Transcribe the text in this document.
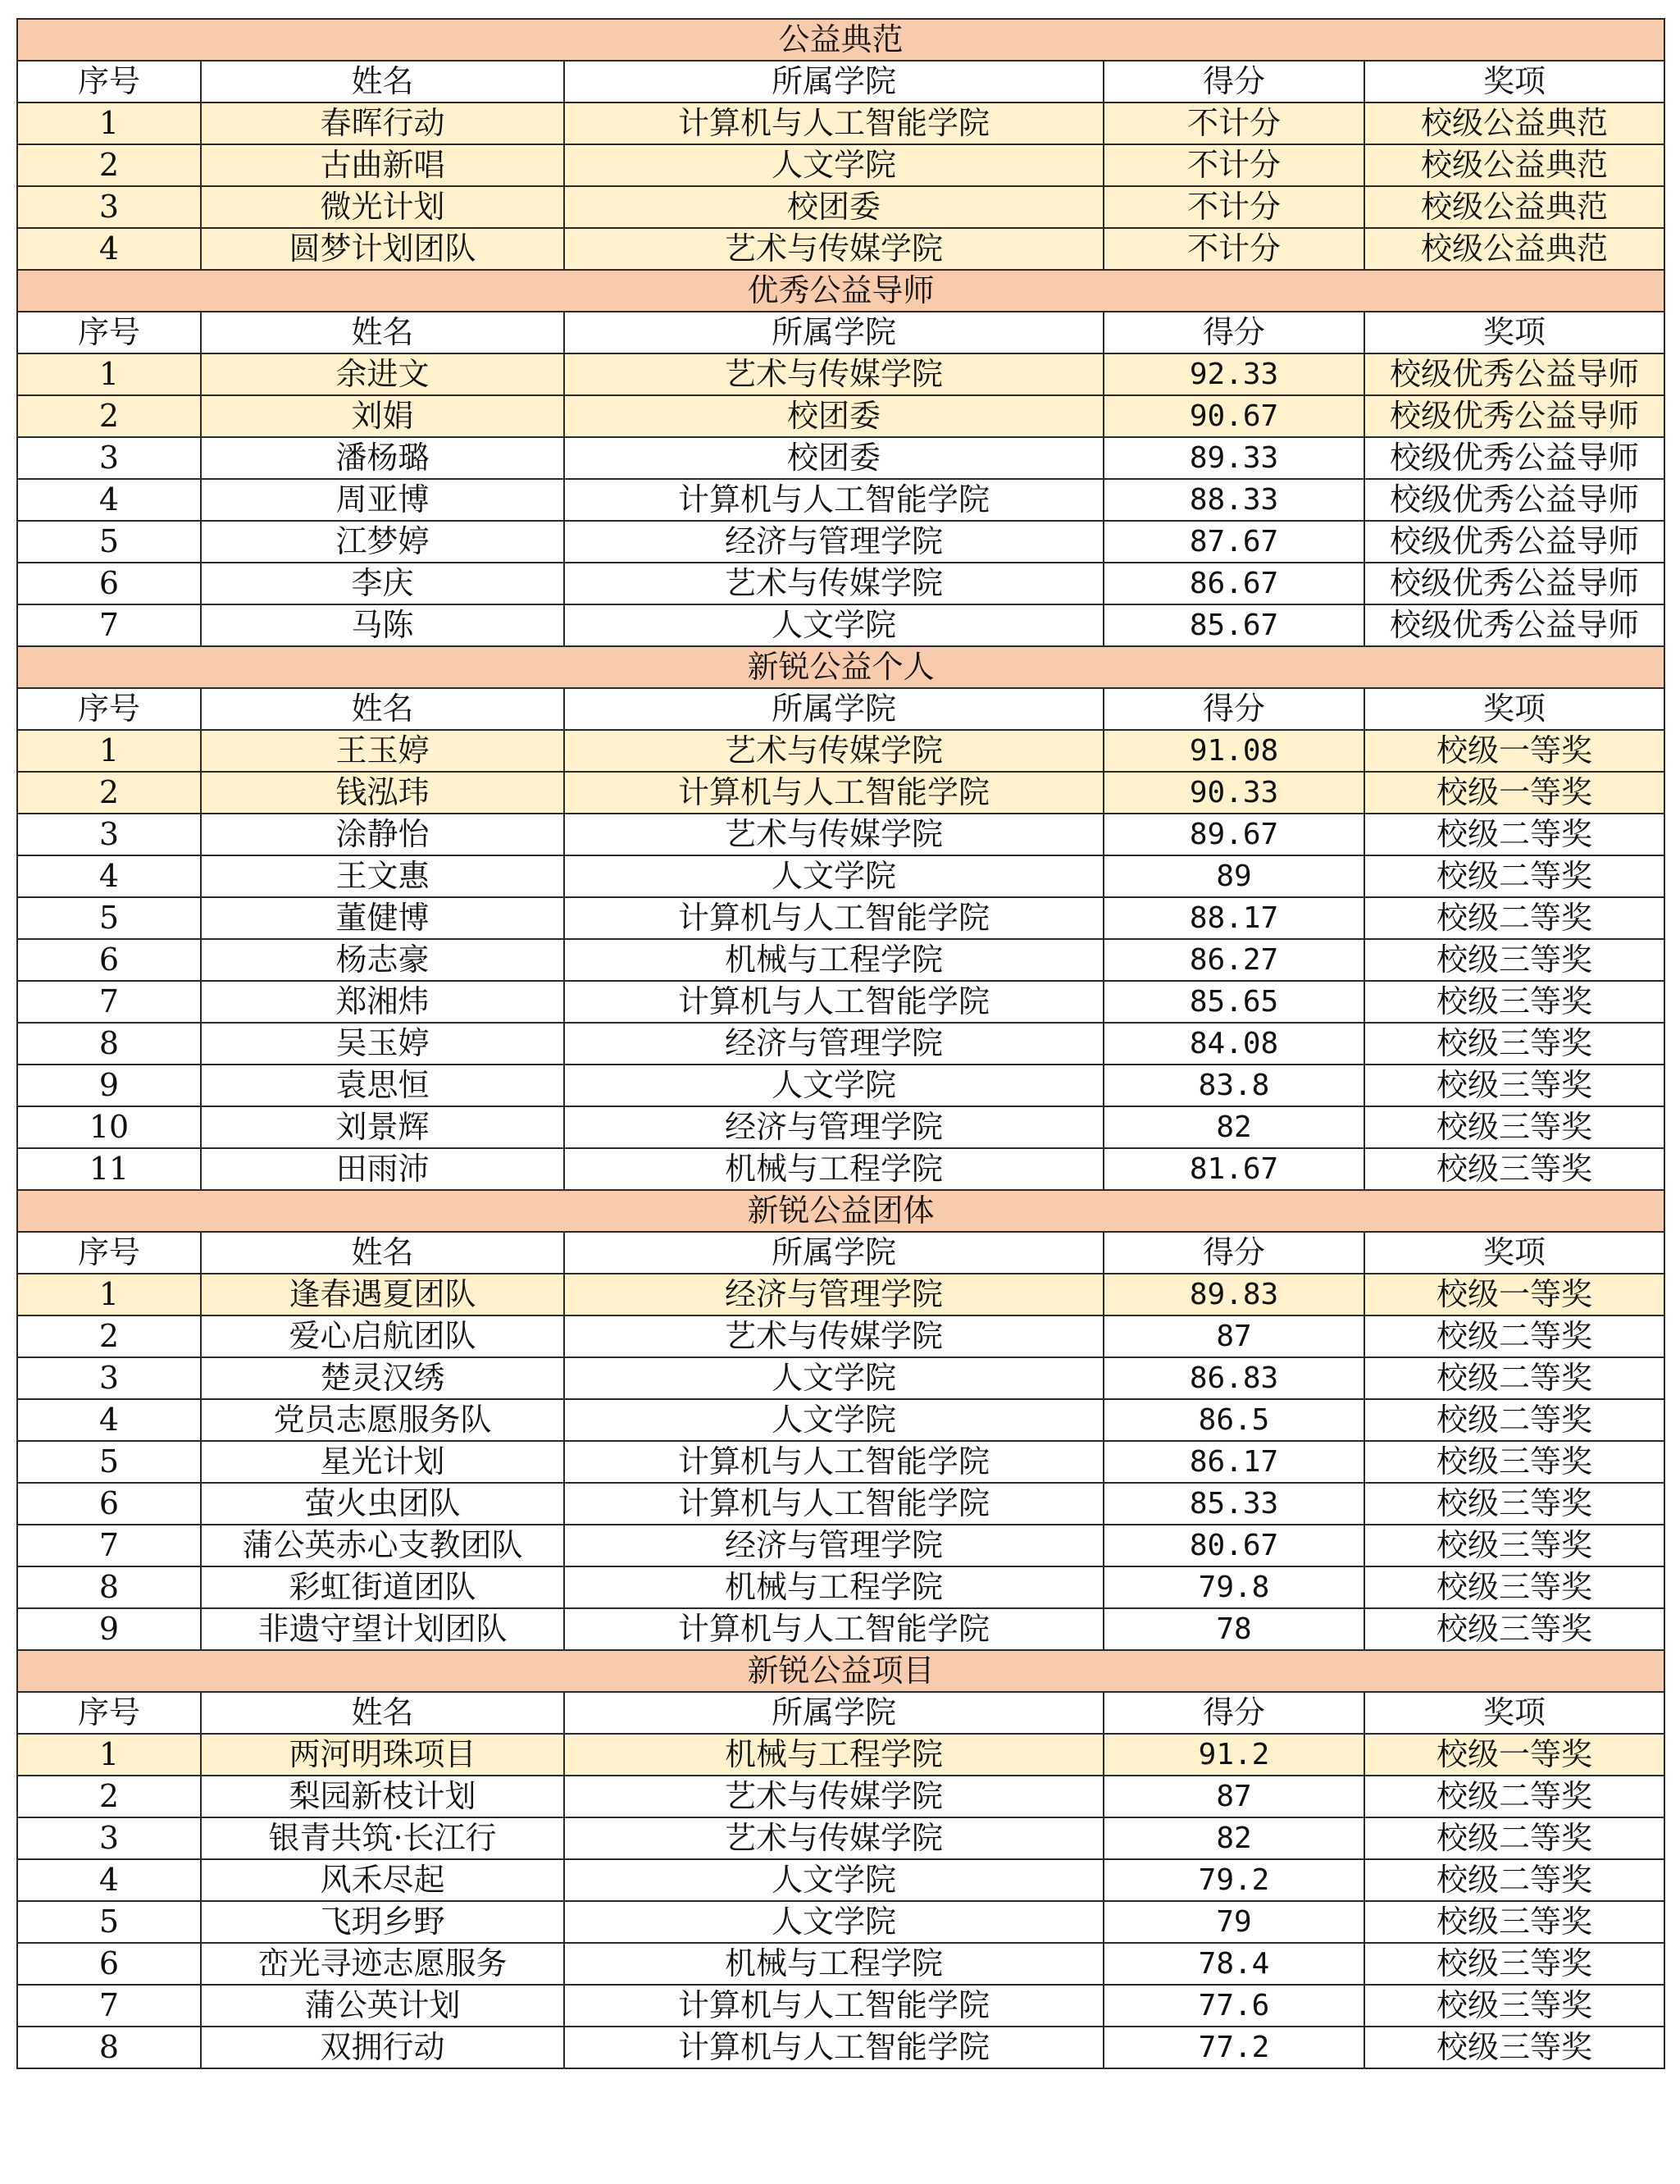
公益典范				
序号	姓名	所属学院	得分	奖项
1	春晖行动	计算机与人工智能学院	不计分	校级公益典范
2	古曲新唱	人文学院	不计分	校级公益典范
3	微光计划	校团委	不计分	校级公益典范
4	圆梦计划团队	艺术与传媒学院	不计分	校级公益典范
优秀公益导师				
序号	姓名	所属学院	得分	奖项
1	余进文	艺术与传媒学院	92.33	校级优秀公益导师
2	刘娟	校团委	90.67	校级优秀公益导师
3	潘杨璐	校团委	89.33	校级优秀公益导师
4	周亚博	计算机与人工智能学院	88.33	校级优秀公益导师
5	江梦婷	经济与管理学院	87.67	校级优秀公益导师
6	李庆	艺术与传媒学院	86.67	校级优秀公益导师
7	马陈	人文学院	85.67	校级优秀公益导师
新锐公益个人				
序号	姓名	所属学院	得分	奖项
1	王玉婷	艺术与传媒学院	91.08	校级一等奖
2	钱泓玮	计算机与人工智能学院	90.33	校级一等奖
3	涂静怡	艺术与传媒学院	89.67	校级二等奖
4	王文惠	人文学院	89	校级二等奖
5	董健博	计算机与人工智能学院	88.17	校级二等奖
6	杨志豪	机械与工程学院	86.27	校级三等奖
7	郑湘炜	计算机与人工智能学院	85.65	校级三等奖
8	吴玉婷	经济与管理学院	84.08	校级三等奖
9	袁思恒	人文学院	83.8	校级三等奖
10	刘景辉	经济与管理学院	82	校级三等奖
11	田雨沛	机械与工程学院	81.67	校级三等奖
新锐公益团体				
序号	姓名	所属学院	得分	奖项
1	逢春遇夏团队	经济与管理学院	89.83	校级一等奖
2	爱心启航团队	艺术与传媒学院	87	校级二等奖
3	楚灵汉绣	人文学院	86.83	校级二等奖
4	党员志愿服务队	人文学院	86.5	校级二等奖
5	星光计划	计算机与人工智能学院	86.17	校级三等奖
6	萤火虫团队	计算机与人工智能学院	85.33	校级三等奖
7	蒲公英赤心支教团队	经济与管理学院	80.67	校级三等奖
8	彩虹街道团队	机械与工程学院	79.8	校级三等奖
9	非遗守望计划团队	计算机与人工智能学院	78	校级三等奖
新锐公益项目				
序号	姓名	所属学院	得分	奖项
1	两河明珠项目	机械与工程学院	91.2	校级一等奖
2	梨园新枝计划	艺术与传媒学院	87	校级二等奖
3	银青共筑·长江行	艺术与传媒学院	82	校级二等奖
4	风禾尽起	人文学院	79.2	校级二等奖
5	飞玥乡野	人文学院	79	校级三等奖
6	峦光寻迹志愿服务	机械与工程学院	78.4	校级三等奖
7	蒲公英计划	计算机与人工智能学院	77.6	校级三等奖
8	双拥行动	计算机与人工智能学院	77.2	校级三等奖
